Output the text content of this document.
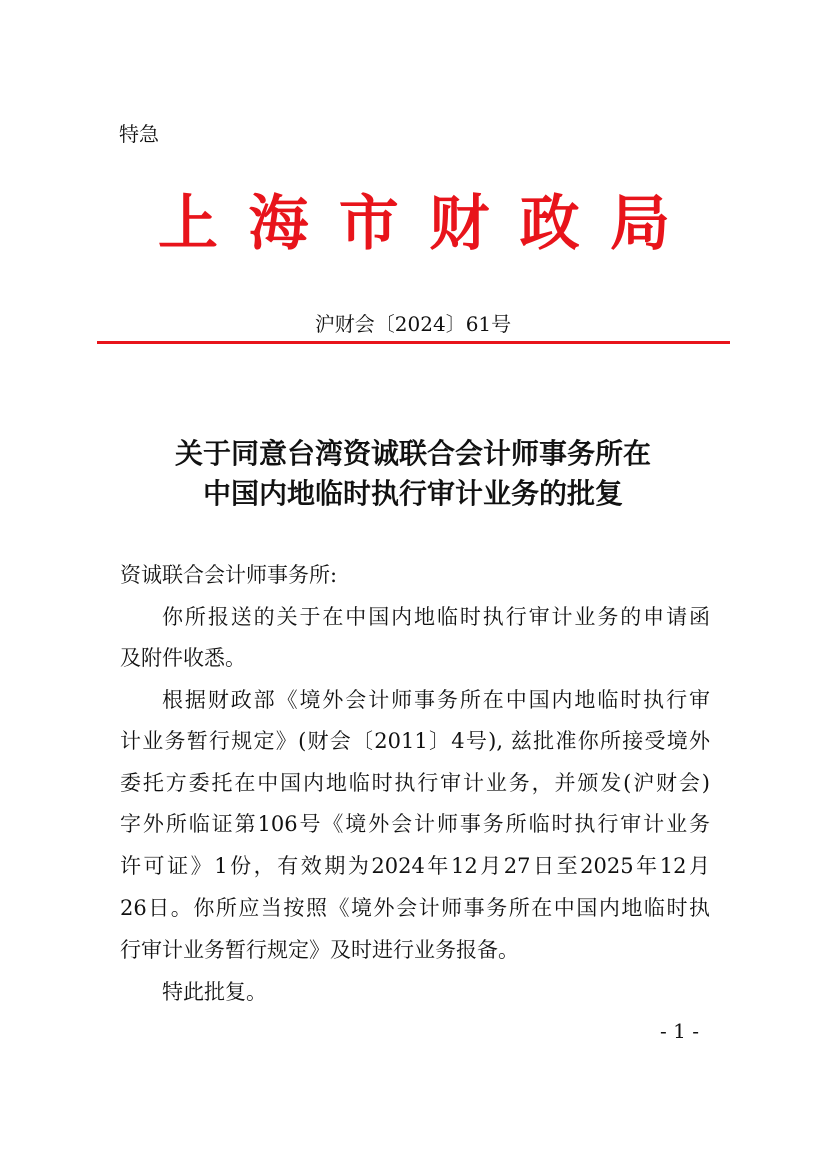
特急
上海市财政局
沪财会〔2024〕61号
关于同意台湾资诚联合会计师事务所在
中国内地临时执行审计业务的批复
资诚联合会计师事务所:
你所报送的关于在中国内地临时执行审计业务的申请函
及附件收悉。
根据财政部《境外会计师事务所在中国内地临时执行审
计业务暂行规定》(财会〔2011〕4号), 兹批准你所接受境外
委托方委托在中国内地临时执行审计业务，并颁发(沪财会)
字外所临证第106号《境外会计师事务所临时执行审计业务
许可证》1份，有效期为2024年12月27日至2025年12月
26日。你所应当按照《境外会计师事务所在中国内地临时执
行审计业务暂行规定》及时进行业务报备。
特此批复。
- 1 -
